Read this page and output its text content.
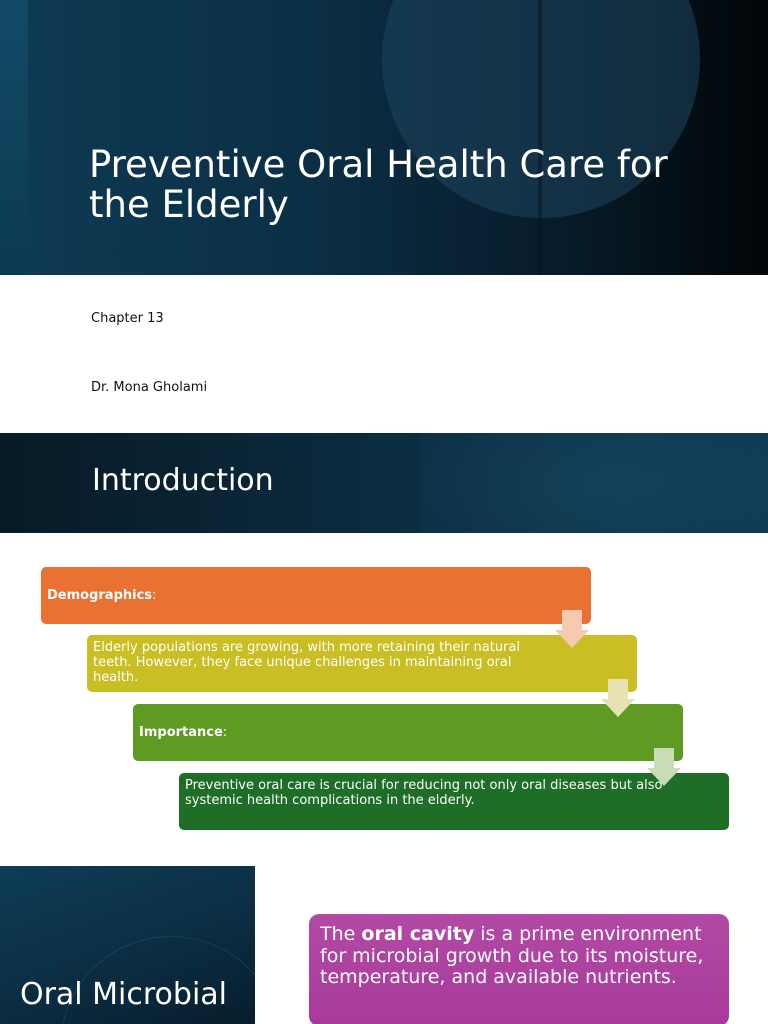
Preventive Oral Health Care for the Elderly
Chapter 13
Dr. Mona Gholami
Introduction
Demographics:
Elderly populations are growing, with more retaining their natural teeth. However, they face unique challenges in maintaining oral health.
Importance:
Preventive oral care is crucial for reducing not only oral diseases but also systemic health complications in the elderly.
Oral Microbial
The oral cavity is a prime environment for microbial growth due to its moisture, temperature, and available nutrients.
